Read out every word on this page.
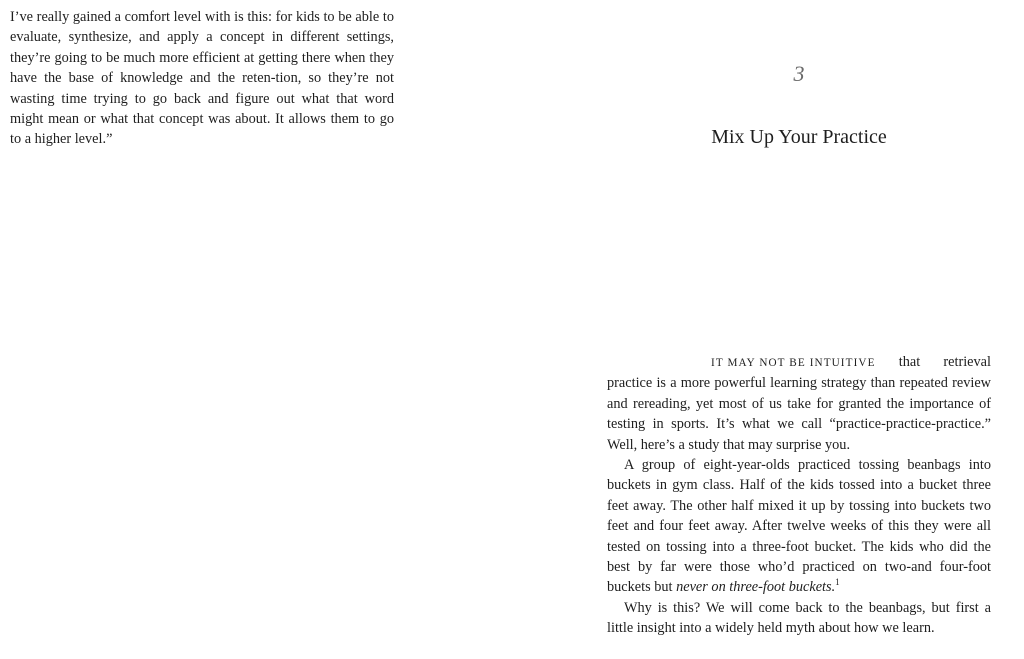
I’ve really gained a comfort level with is this: for kids to be able to evaluate, synthesize, and apply a concept in different settings, they’re going to be much more efficient at getting there when they have the base of knowledge and the reten-tion, so they’re not wasting time trying to go back and figure out what that word might mean or what that concept was about. It allows them to go to a higher level.”

3
Mix Up Your Practice

IT MAY NOT BE INTUITIVE that retrieval practice is a more powerful learning strategy than repeated review and rereading, yet most of us take for granted the importance of testing in sports. It’s what we call “practice-practice-practice.” Well, here’s a study that may surprise you.

A group of eight-year-olds practiced tossing beanbags into buckets in gym class. Half of the kids tossed into a bucket three feet away. The other half mixed it up by tossing into buckets two feet and four feet away. After twelve weeks of this they were all tested on tossing into a three-foot bucket. The kids who did the best by far were those who’d practiced on two-and four-foot buckets but never on three-foot buckets.$^1$

Why is this? We will come back to the beanbags, but first a little insight into a widely held myth about how we learn.
